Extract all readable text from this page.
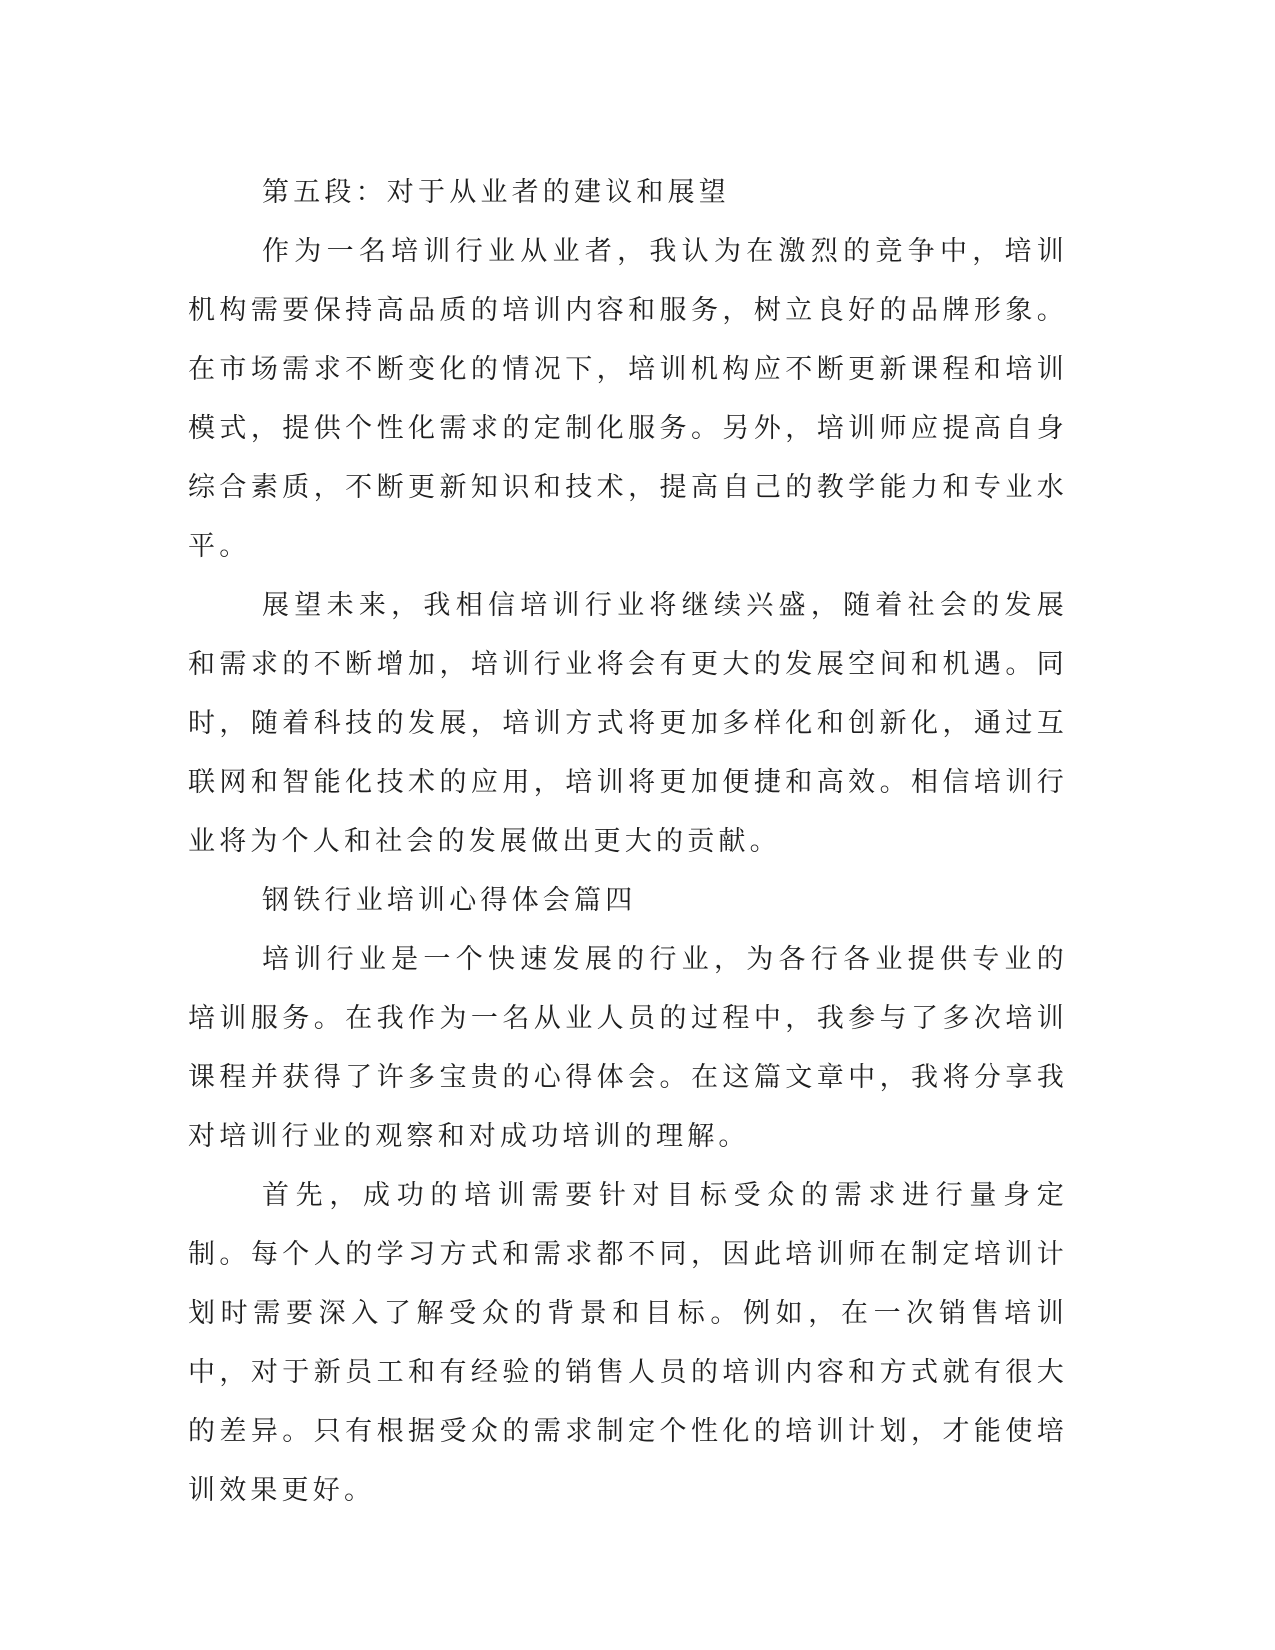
第五段：对于从业者的建议和展望

作为一名培训行业从业者，我认为在激烈的竞争中，培训机构需要保持高品质的培训内容和服务，树立良好的品牌形象。在市场需求不断变化的情况下，培训机构应不断更新课程和培训模式，提供个性化需求的定制化服务。另外，培训师应提高自身综合素质，不断更新知识和技术，提高自己的教学能力和专业水平。

展望未来，我相信培训行业将继续兴盛，随着社会的发展和需求的不断增加，培训行业将会有更大的发展空间和机遇。同时，随着科技的发展，培训方式将更加多样化和创新化，通过互联网和智能化技术的应用，培训将更加便捷和高效。相信培训行业将为个人和社会的发展做出更大的贡献。

钢铁行业培训心得体会篇四

培训行业是一个快速发展的行业，为各行各业提供专业的培训服务。在我作为一名从业人员的过程中，我参与了多次培训课程并获得了许多宝贵的心得体会。在这篇文章中，我将分享我对培训行业的观察和对成功培训的理解。

首先，成功的培训需要针对目标受众的需求进行量身定制。每个人的学习方式和需求都不同，因此培训师在制定培训计划时需要深入了解受众的背景和目标。例如，在一次销售培训中，对于新员工和有经验的销售人员的培训内容和方式就有很大的差异。只有根据受众的需求制定个性化的培训计划，才能使培训效果更好。
